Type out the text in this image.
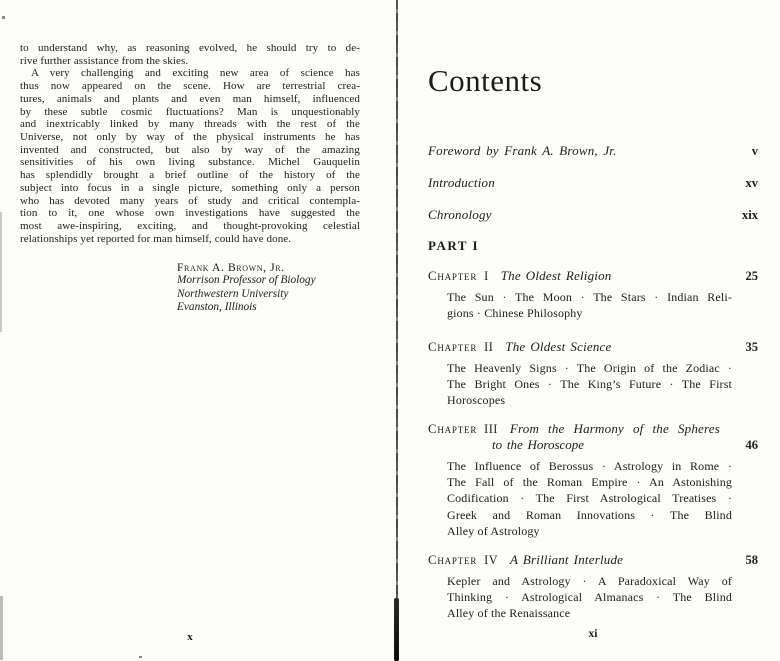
to understand why, as reasoning evolved, he should try to de-
rive further assistance from the skies.
A very challenging and exciting new area of science has
thus now appeared on the scene. How are terrestrial crea-
tures, animals and plants and even man himself, influenced
by these subtle cosmic fluctuations? Man is unquestionably
and inextricably linked by many threads with the rest of the
Universe, not only by way of the physical instruments he has
invented and constructed, but also by way of the amazing
sensitivities of his own living substance. Michel Gauquelin
has splendidly brought a brief outline of the history of the
subject into focus in a single picture, something only a person
who has devoted many years of study and critical contempla-
tion to it, one whose own investigations have suggested the
most awe-inspiring, exciting, and thought-provoking celestial
relationships yet reported for man himself, could have done.
Frank A. Brown, Jr.
Morrison Professor of Biology
Northwestern University
Evanston, Illinois
x
Contents
Foreword by Frank A. Brown, Jr.	v
Introduction	xv
Chronology	xix
PART I
Chapter I The Oldest Religion	25
The Sun · The Moon · The Stars · Indian Reli-
gions · Chinese Philosophy
Chapter II The Oldest Science	35
The Heavenly Signs · The Origin of the Zodiac ·
The Bright Ones · The King’s Future · The First
Horoscopes
Chapter III From the Harmony of the Spheres
to the Horoscope	46
The Influence of Berossus · Astrology in Rome ·
The Fall of the Roman Empire · An Astonishing
Codification · The First Astrological Treatises ·
Greek and Roman Innovations · The Blind
Alley of Astrology
Chapter IV A Brilliant Interlude	58
Kepler and Astrology · A Paradoxical Way of
Thinking · Astrological Almanacs · The Blind
Alley of the Renaissance
xi
